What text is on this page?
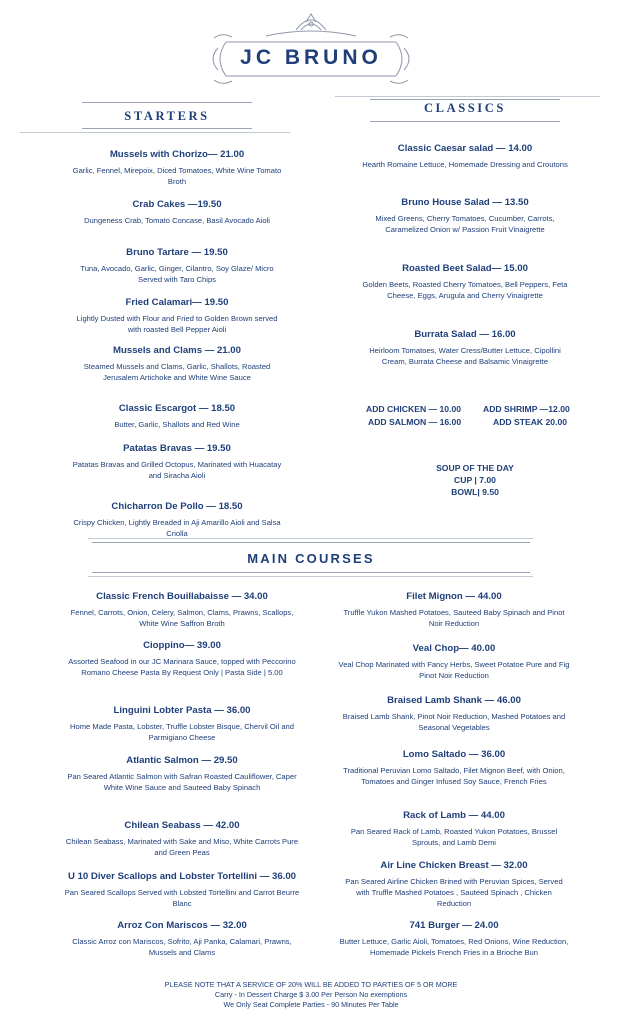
JC BRUNO
STARTERS
CLASSICS
Mussels with Chorizo— 21.00
Garlic, Fennel, Mirepoix, Diced Tomatoes, White Wine Tomato Broth
Crab Cakes —19.50
Dungeness Crab, Tomato Concase, Basil Avocado Aioli
Bruno Tartare — 19.50
Tuna, Avocado, Garlic, Ginger, Cilantro, Soy Glaze/ Micro Served with Taro Chips
Fried Calamari— 19.50
Lightly Dusted with Flour and Fried to Golden Brown served with roasted Bell Pepper Aioli
Mussels and Clams — 21.00
Steamed Mussels and Clams, Garlic, Shallots, Roasted Jerusalem Artichoke and White Wine Sauce
Classic Escargot — 18.50
Butter, Garlic, Shallots and Red Wine
Patatas Bravas — 19.50
Patatas Bravas and Grilled Octopus, Marinated with Huacatay and Siracha Aioli
Chicharron De Pollo — 18.50
Crispy Chicken, Lightly Breaded in Aji Amarillo Aioli and Salsa Criolla
Classic Caesar salad — 14.00
Hearth Romaine Lettuce, Homemade Dressing and Croutons
Bruno House Salad — 13.50
Mixed Greens, Cherry Tomatoes, Cucumber, Carrots, Caramelized Onion w/ Passion Fruit Vinaigrette
Roasted Beet Salad— 15.00
Golden Beets, Roasted Cherry Tomatoes, Bell Peppers, Feta Cheese, Eggs, Arugula and Cherry Vinaigrette
Burrata Salad — 16.00
Heirloom Tomatoes, Water Cress/Butter Lettuce, Cipollini Cream, Burrata Cheese and Balsamic Vinaigrette
ADD CHICKEN — 10.00	ADD SHRIMP —12.00
ADD SALMON — 16.00	ADD STEAK 20.00
SOUP OF THE DAY
CUP | 7.00
BOWL| 9.50
MAIN COURSES
Classic French Bouillabaisse — 34.00
Fennel, Carrots, Onion, Celery, Salmon, Clams, Prawns, Scallops, White Wine Saffron Broth
Cioppino— 39.00
Assorted Seafood in our JC Marinara Sauce, topped with Peccorino Romano Cheese Pasta By Request Only | Pasta Side | 5.00
Linguini Lobter Pasta — 36.00
Home Made Pasta, Lobster, Truffle Lobster Bisque, Chervil Oil and Parmigiano Cheese
Atlantic Salmon — 29.50
Pan Seared Atlantic Salmon with Safran Roasted Cauliflower, Caper White Wine Sauce and Sauteed Baby Spinach
Chilean Seabass — 42.00
Chilean Seabass, Marinated with Sake and Miso, White Carrots Pure and Green Peas
U 10 Diver Scallops and Lobster Tortellini — 36.00
Pan Seared Scallops Served with Lobsted Tortellini and Carrot Beurre Blanc
Arroz Con Mariscos — 32.00
Classic Arroz con Mariscos, Sofrito, Aji Panka, Calamari, Prawns, Mussels and Clams
Filet Mignon — 44.00
Truffle Yukon Mashed Potatoes, Sauteed Baby Spinach and Pinot Noir Reduction
Veal Chop— 40.00
Veal Chop Marinated with Fancy Herbs, Sweet Potatoe Pure and Fig Pinot Noir Reduction
Braised Lamb Shank — 46.00
Braised Lamb Shank, Pinot Noir Reduction, Mashed Potatoes and Seasonal Vegetables
Lomo Saltado — 36.00
Traditional Peruvian Lomo Saltado, Filet Mignon Beef, with Onion, Tomatoes and Ginger Infused Soy Sauce, French Fries
Rack of Lamb — 44.00
Pan Seared Rack of Lamb, Roasted Yukon Potatoes, Brussel Sprouts, and Lamb Demi
Air Line Chicken Breast — 32.00
Pan Seared Airline Chicken Brined with Peruvian Spices, Served with Truffle Mashed Potatoes , Sauteed Spinach , Chicken Reduction
741 Burger — 24.00
Butter Lettuce, Garlic Aioli, Tomatoes, Red Onions, Wine Reduction, Homemade Pickels French Fries in a Brioche Bun
PLEASE NOTE THAT A SERVICE OF 20% WILL BE ADDED TO PARTIES OF 5 OR MORE
Carry - In Dessert Charge $ 3.00 Per Person No exemptions
We Only Seat Complete Parties - 90 Minutes Per Table
